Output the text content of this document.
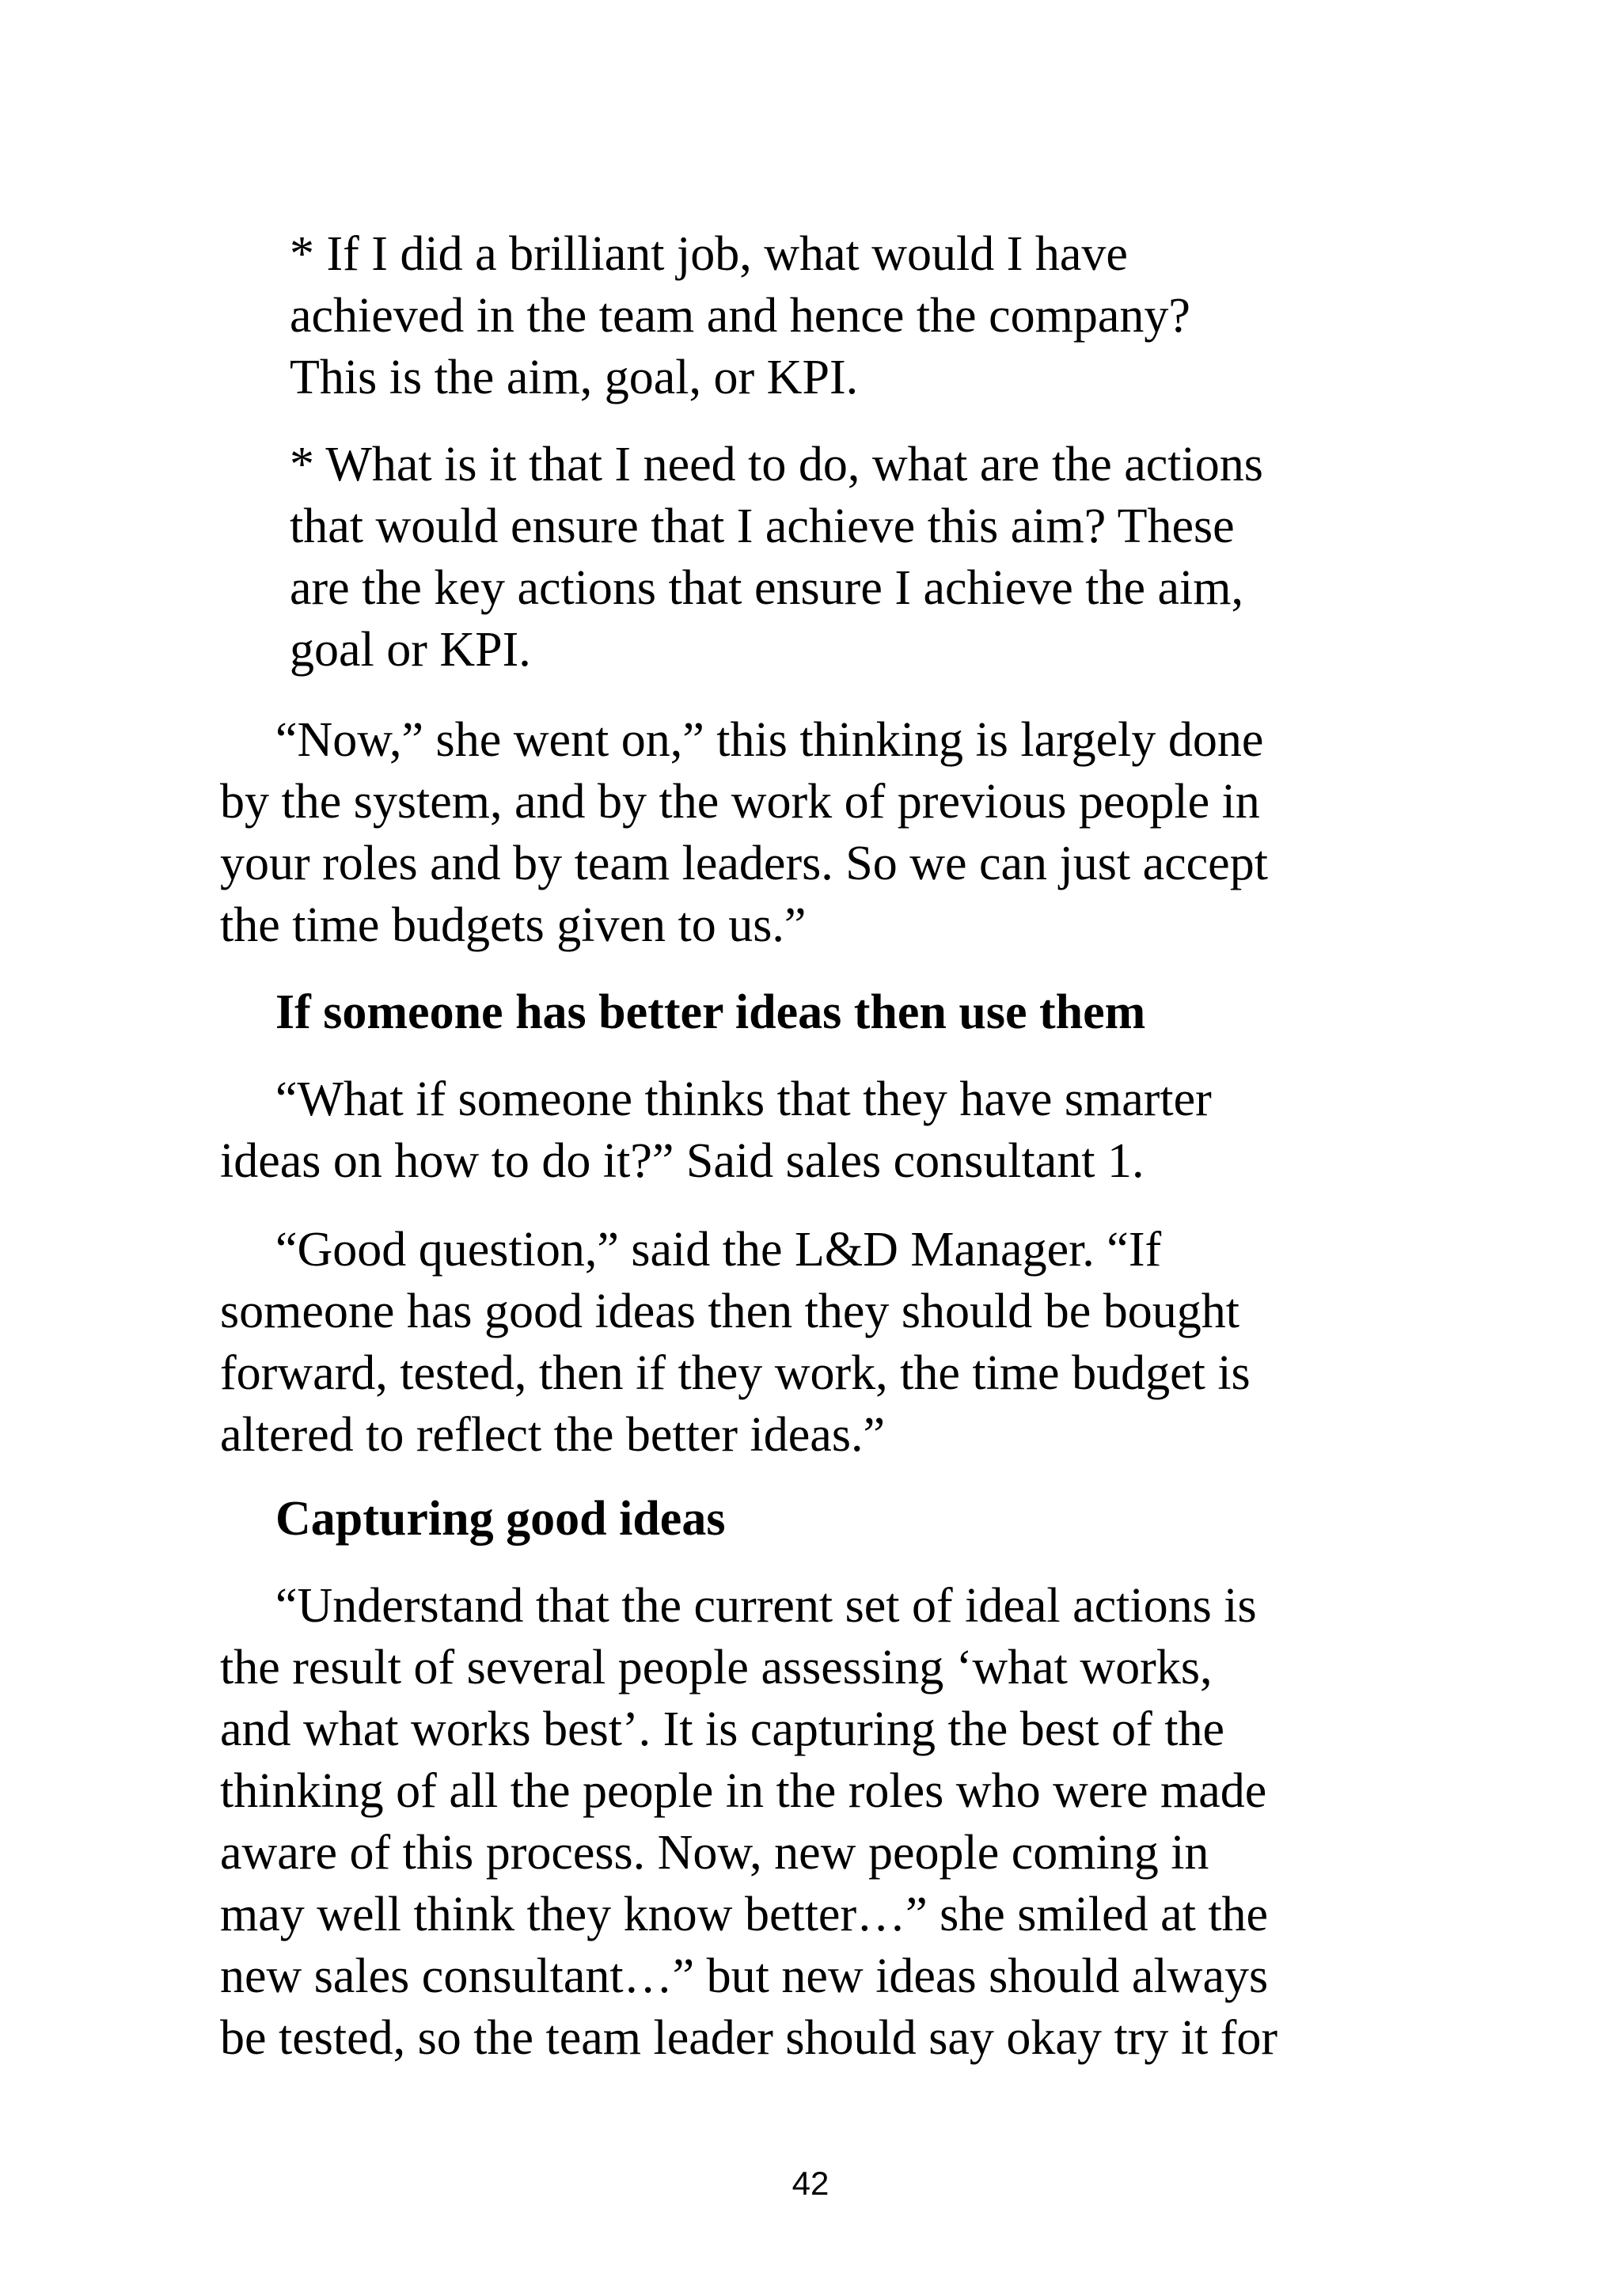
* If I did a brilliant job, what would I have
achieved in the team and hence the company?
This is the aim, goal, or KPI.
* What is it that I need to do, what are the actions
that would ensure that I achieve this aim? These
are the key actions that ensure I achieve the aim,
goal or KPI.
“Now,” she went on,” this thinking is largely done
by the system, and by the work of previous people in
your roles and by team leaders. So we can just accept
the time budgets given to us.”
If someone has better ideas then use them
“What if someone thinks that they have smarter
ideas on how to do it?” Said sales consultant 1.
“Good question,” said the L&D Manager. “If
someone has good ideas then they should be bought
forward, tested, then if they work, the time budget is
altered to reflect the better ideas.”
Capturing good ideas
“Understand that the current set of ideal actions is
the result of several people assessing ‘what works,
and what works best’. It is capturing the best of the
thinking of all the people in the roles who were made
aware of this process. Now, new people coming in
may well think they know better…” she smiled at the
new sales consultant…” but new ideas should always
be tested, so the team leader should say okay try it for
42
